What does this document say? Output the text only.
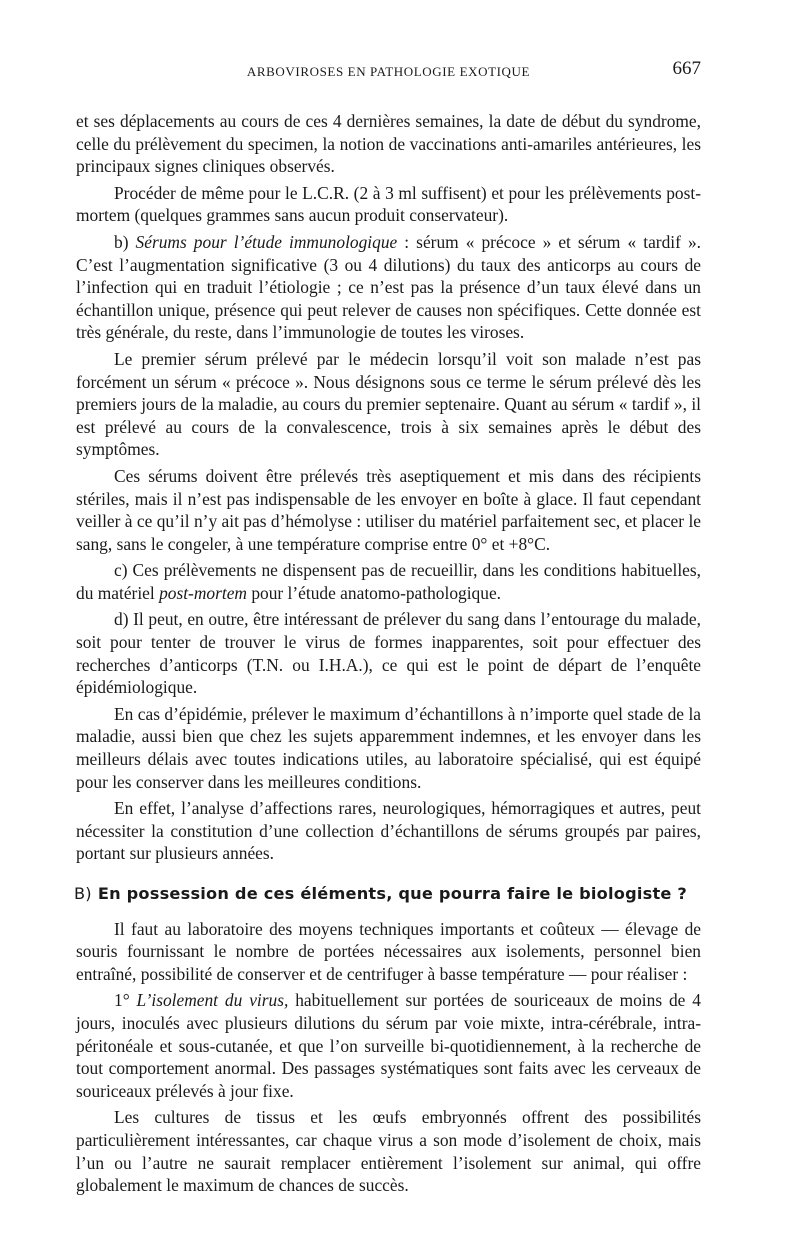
ARBOVIROSES EN PATHOLOGIE EXOTIQUE	667

et ses déplacements au cours de ces 4 dernières semaines, la date de début du syndrome, celle du prélèvement du specimen, la notion de vaccinations anti-amariles antérieures, les principaux signes cliniques observés.

Procéder de même pour le L.C.R. (2 à 3 ml suffisent) et pour les prélèvements post-mortem (quelques grammes sans aucun produit conservateur).

b) Sérums pour l’étude immunologique : sérum « précoce » et sérum « tardif ». C’est l’augmentation significative (3 ou 4 dilutions) du taux des anticorps au cours de l’infection qui en traduit l’étiologie ; ce n’est pas la présence d’un taux élevé dans un échantillon unique, présence qui peut relever de causes non spécifiques. Cette donnée est très générale, du reste, dans l’immunologie de toutes les viroses.

Le premier sérum prélevé par le médecin lorsqu’il voit son malade n’est pas forcément un sérum « précoce ». Nous désignons sous ce terme le sérum prélevé dès les premiers jours de la maladie, au cours du premier septenaire. Quant au sérum « tardif », il est prélevé au cours de la convalescence, trois à six semaines après le début des symptômes.

Ces sérums doivent être prélevés très aseptiquement et mis dans des récipients stériles, mais il n’est pas indispensable de les envoyer en boîte à glace. Il faut cependant veiller à ce qu’il n’y ait pas d’hémolyse : utiliser du matériel parfaitement sec, et placer le sang, sans le congeler, à une température comprise entre 0° et +8°C.

c) Ces prélèvements ne dispensent pas de recueillir, dans les conditions habituelles, du matériel post-mortem pour l’étude anatomo-pathologique.

d) Il peut, en outre, être intéressant de prélever du sang dans l’entourage du malade, soit pour tenter de trouver le virus de formes inapparentes, soit pour effectuer des recherches d’anticorps (T.N. ou I.H.A.), ce qui est le point de départ de l’enquête épidémiologique.

En cas d’épidémie, prélever le maximum d’échantillons à n’importe quel stade de la maladie, aussi bien que chez les sujets apparemment indemnes, et les envoyer dans les meilleurs délais avec toutes indications utiles, au laboratoire spécialisé, qui est équipé pour les conserver dans les meilleures conditions.

En effet, l’analyse d’affections rares, neurologiques, hémorragiques et autres, peut nécessiter la constitution d’une collection d’échantillons de sérums groupés par paires, portant sur plusieurs années.

B) En possession de ces éléments, que pourra faire le biologiste ?

Il faut au laboratoire des moyens techniques importants et coûteux — élevage de souris fournissant le nombre de portées nécessaires aux isolements, personnel bien entraîné, possibilité de conserver et de centrifuger à basse température — pour réaliser :

1° L’isolement du virus, habituellement sur portées de souriceaux de moins de 4 jours, inoculés avec plusieurs dilutions du sérum par voie mixte, intra-cérébrale, intra-péritonéale et sous-cutanée, et que l’on surveille bi-quotidiennement, à la recherche de tout comportement anormal. Des passages systématiques sont faits avec les cerveaux de souriceaux prélevés à jour fixe.

Les cultures de tissus et les œufs embryonnés offrent des possibilités particulièrement intéressantes, car chaque virus a son mode d’isolement de choix, mais l’un ou l’autre ne saurait remplacer entièrement l’isolement sur animal, qui offre globalement le maximum de chances de succès.
